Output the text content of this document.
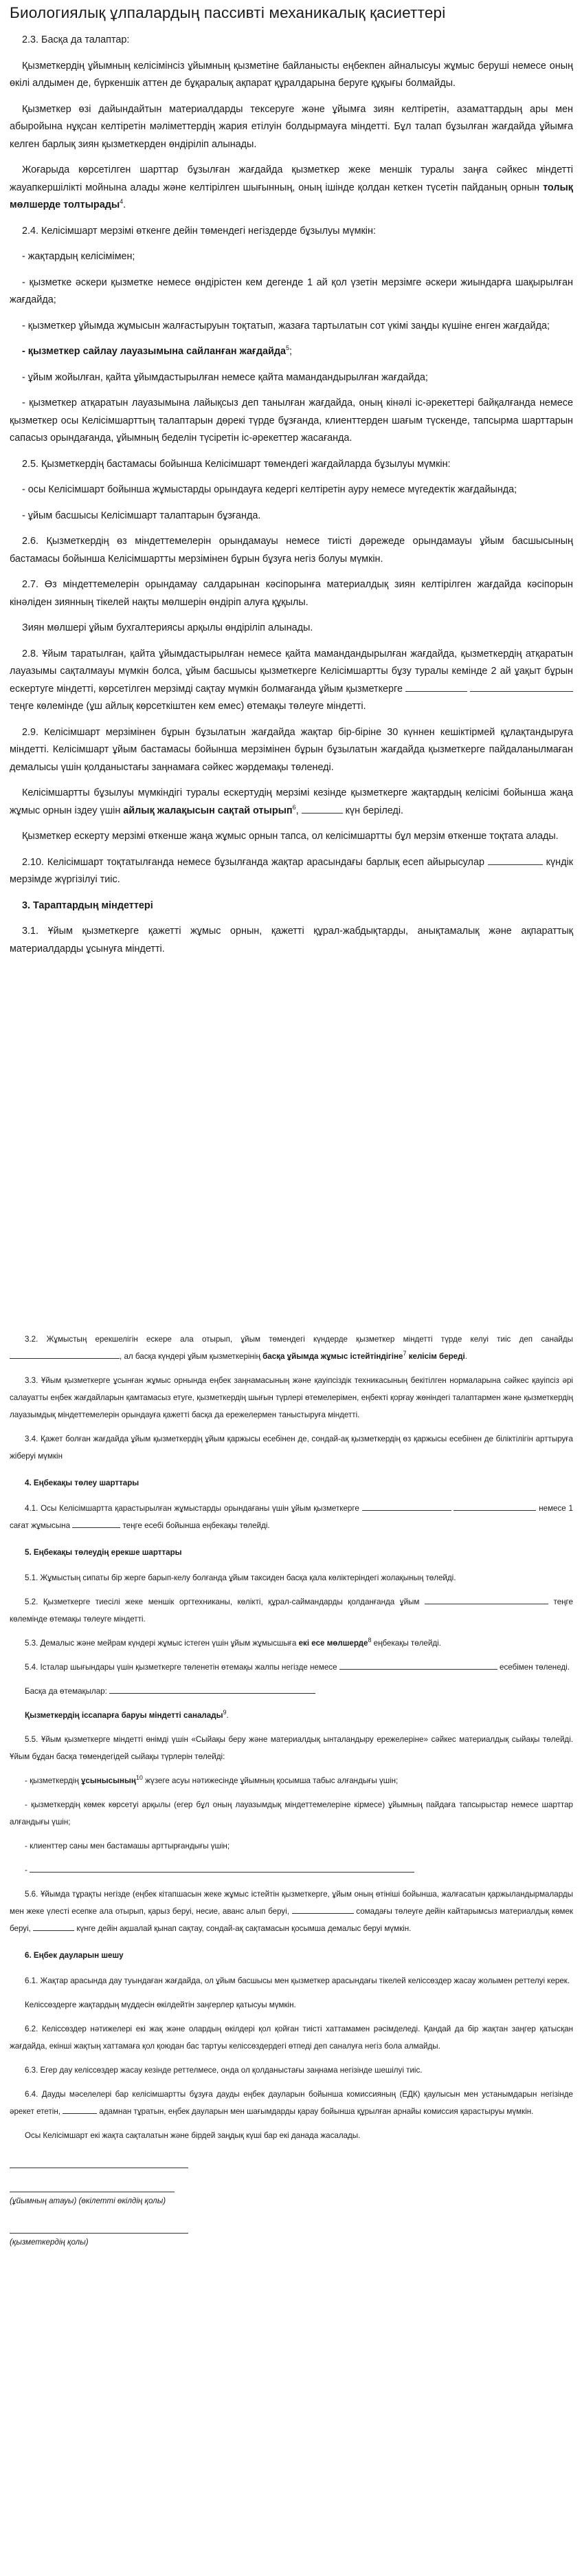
Биологиялық ұлпалардың пассивті механикалық қасиеттері

2.3. Басқа да талаптар:

Қызметкердің ұйымның келісімінсіз ұйымның қызметіне байланысты еңбекпен айналысуы жұмыс беруші немесе оның өкілі алдымен де, бүркеншік аттен де бұқаралық ақпарат құралдарына беруге құқығы болмайды.

Қызметкер өзі дайындайтын материалдарды тексеруге және ұйымға зиян келтіретін, азаматтардың ары мен абыройына нұқсан келтіретін мәліметтердің жария етілуін болдырмауға міндетті. Бұл талап бұзылған жағдайда ұйымға келген барлық зиян қызметкерден өндіріліп алынады.

Жоғарыда көрсетілген шарттар бұзылған жағдайда қызметкер жеке меншік туралы заңға сәйкес міндетті жауапкершілікті мойнына алады және келтірілген шығынның, оның ішінде қолдан кеткен түсетін пайданың орнын толық мөлшерде толтырады$^4$.

2.4. Келісімшарт мерзімі өткенге дейін төмендегі негіздерде бұзылуы мүмкін:

- жақтардың келісімімен;

- қызметке әскери қызметке немесе өндірістен кем дегенде 1 ай қол үзетін мерзімге әскери жиындарға шақырылған жағдайда;

- қызметкер ұйымда жұмысын жалғастыруын тоқтатып, жазаға тартылатын сот үкімі заңды күшіне енген жағдайда;

- қызметкер сайлау лауазымына сайланған жағдайда$^5$;

- ұйым жойылған, қайта ұйымдастырылған немесе қайта мамандандырылған жағдайда;

- қызметкер атқаратын лауазымына лайықсыз деп танылған жағдайда, оның кінәлі іс-әрекеттері байқалғанда немесе қызметкер осы Келісімшарттың талаптарын дөрекі түрде бұзғанда, клиенттерден шағым түскенде, тапсырма шарттарын сапасыз орындағанда, ұйымның беделін түсіретін іс-әрекеттер жасағанда.

2.5. Қызметкердің бастамасы бойынша Келісімшарт төмендегі жағдайларда бұзылуы мүмкін:

- осы Келісімшарт бойынша жұмыстарды орындауға кедергі келтіретін ауру немесе мүгедектік жағдайында;

- ұйым басшысы Келісімшарт талаптарын бұзғанда.

2.6. Қызметкердің өз міндеттемелерін орындамауы немесе тиісті дәрежеде орындамауы ұйым басшысының бастамасы бойынша Келісімшартты мерзімінен бұрын бұзуға негіз болуы мүмкін.

2.7. Өз міндеттемелерін орындамау салдарынан кәсіпорынға материалдық зиян келтірілген жағдайда кәсіпорын кінәліден зиянның тікелей нақты мөлшерін өндіріп алуға құқылы.

Зиян мөлшері ұйым бухгалтериясы арқылы өндіріліп алынады.

2.8. Ұйым таратылған, қайта ұйымдастырылған немесе қайта мамандандырылған жағдайда, қызметкердің атқаратын лауазымы сақталмауы мүмкін болса, ұйым басшысы қызметкерге Келісімшартты бұзу туралы кемінде 2 ай ұақыт бұрын ескертуге міндетті, көрсетілген мерзімді сақтау мүмкін болмағанда ұйым қызметкерге   теңге көлемінде (ұш айлық көрсеткіштен кем емес) өтемақы төлеуге міндетті.

2.9. Келісімшарт мерзімінен бұрын бұзылатын жағдайда жақтар бір-біріне 30 күннен кешіктірмей құлақтандыруға міндетті. Келісімшарт ұйым бастамасы бойынша мерзімінен бұрын бұзылатын жағдайда қызметкерге пайдаланылмаған демалысы үшін қолданыстағы заңнамаға сәйкес жәрдемақы төленеді.

Келісімшартты бұзылуы мүмкіндігі туралы ескертудің мерзімі кезінде қызметкерге жақтардың келісімі бойынша жаңа жұмыс орнын іздеу үшін айлық жалақысын сақтай отырып$^6$,	күн беріледі.

Қызметкер ескерту мерзімі өткенше жаңа жұмыс орнын тапса, ол келісімшартты бұл мерзім өткенше тоқтата алады.

2.10. Келісімшарт тоқтатылғанда немесе бұзылғанда жақтар арасындағы барлық есеп айырысулар	күндік мерзімде жүргізілуі тиіс.

3. Тараптардың міндеттері

3.1. Ұйым қызметкерге қажетті жұмыс орнын, қажетті құрал-жабдықтарды, анықтамалық және ақпараттық материалдарды ұсынуға міндетті.

3.2. Жұмыстың ерекшелігін ескере ала отырып, ұйым төмендегі күндерде қызметкер міндетті түрде келуі тиіс деп санайды, ал басқа күндері ұйым қызметкерінің басқа ұйымда жұмыс істейтіндігіне$^7$ келісім береді.

3.3. Ұйым қызметкерге ұсынған жұмыс орнында еңбек заңнамасының және қауіпсіздік техникасының бекітілген нормаларына сәйкес қауіпсіз әрі салауатты еңбек жағдайларын қамтамасыз етуге, қызметкердің шығын түрлері өтемелерімен, еңбекті қорғау жөніндегі талаптармен және қызметкердің лауазымдық міндеттемелерін орындауға қажетті басқа да ережелермен таныстыруға міндетті.

3.4. Қажет болған жағдайда ұйым қызметкердің ұйым қаржысы есебінен де, сондай-ақ қызметкердің өз қаржысы есебінен де біліктілігін арттыруға жіберуі мүмкін

4. Еңбекақы төлеу шарттары

4.1. Осы Келісімшартта қарастырылған жұмыстарды орындағаны үшін ұйым қызметкерге	немесе 1 сағат жұмысына	теңге есебі бойынша еңбекақы төлейді.

5. Еңбекақы төлеудің ерекше шарттары

5.1. Жұмыстың сипаты бір жерге барып-келу болғанда ұйым таксиден басқа қала көліктеріндегі жолақының төлейді.

5.2. Қызметкерге тиесілі жеке меншік оргтехниканы, көлікті, құрал-саймандарды қолданғанда ұйым	теңге көлемінде өтемақы төлеуге міндетті.

5.3. Демалыс және мейрам күндері жұмыс істеген үшін ұйым жұмысшыға екі есе мөлшерде$^8$ еңбекақы төлейді.

5.4. Істалар шығындары үшін қызметкерге төленетін өтемақы жалпы негізде немесе	есебімен төленеді.

Басқа да өтемақылар:

Қызметкердің іссапарға баруы міндетті саналады$^9$.

5.5. Ұйым қызметкерге міндетті өнімді үшін «Сыйақы беру және материалдық ынталандыру ережелеріне» сәйкес материалдық сыйақы төлейді. Ұйым бұдан басқа төмендегідей сыйақы түрлерін төлейді:

- қызметкердің ұсынысының$^{10}$ жүзеге асуы нәтижесінде ұйымның қосымша табыс алғандығы үшін;

- қызметкердің көмек көрсетуі арқылы (егер бұл оның лауазымдық міндеттемелеріне кірмесе) ұйымның пайдаға тапсырыстар немесе шарттар алғандығы үшін;

- клиенттер саны мен бастамашы арттырғандығы үшін;

-

5.6. Ұйымда тұрақты негізде (еңбек кітапшасын жеке жұмыс істейтін қызметкерге, ұйым оның өтініші бойынша, жалғасатын қаржыландырмаларды мен жеке үлесті есепке ала отырып, қарыз беруі, несие, аванс алып беруі,	сомадағы төлеуге дейін кайтарымсыз материалдық көмек беруі,	күнге дейін ақшалай қынап сақтау, сондай-ақ сақтамасын қосымша демалыс беруі мүмкін.

6. Еңбек дауларын шешу

6.1. Жақтар арасында дау туындаған жағдайда, ол ұйым басшысы мен қызметкер арасындағы тікелей келіссөздер жасау жолымен реттелуі керек.

Келіссөздерге жақтардың мүддесін өкілдейтін заңгерлер қатысуы мүмкін.

6.2. Келіссөздер нәтижелері екі жақ және олардың өкілдері қол қойған тиісті хаттамамен рәсімделеді. Қандай да бір жақтан заңгер қатысқан жағдайда, екінші жақтың хаттамаға қол қоюдан бас тартуы келіссөздердегі өтпеді деп саналуға негіз бола алмайды.

6.3. Егер дау келіссөздер жасау кезінде реттелмесе, онда ол қолданыстағы заңнама негізінде шешілуі тиіс.

6.4. Дауды мәселелері бар келісімшартты бұзуға дауды еңбек дауларын бойынша комиссияның (ЕДК) қаулысын мен устанымдарын негізінде әрекет ететін,	адамнан тұратын, еңбек дауларын мен шағымдарды қарау бойынша құрылған арнайы комиссия қарастыруы мүмкін.

Осы Келісімшарт екі жақта сақталатын және бірдей заңдық күші бар екі данада жасалады.

(ұйымның атауы) (өкілетті өкілдің қолы)

(қызметкердің қолы)
